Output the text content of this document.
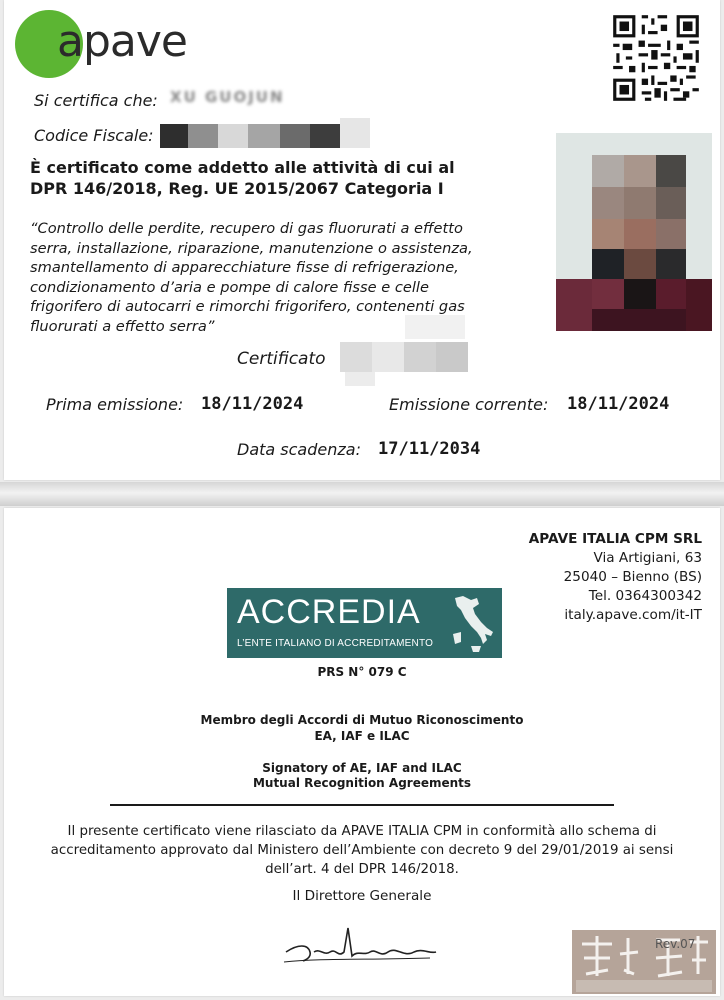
apave
Si certifica che: XU GUOJUN
Codice Fiscale:
È certificato come addetto alle attività di cui al
DPR 146/2018, Reg. UE 2015/2067 Categoria I
“Controllo delle perdite, recupero di gas fluorurati a effetto
serra, installazione, riparazione, manutenzione o assistenza,
smantellamento di apparecchiature fisse di refrigerazione,
condizionamento d’aria e pompe di calore fisse e celle
frigorifero di autocarri e rimorchi frigorifero, contenenti gas
fluorurati a effetto serra”
Certificato
Prima emissione: 18/11/2024	Emissione corrente: 18/11/2024
Data scadenza: 17/11/2034
APAVE ITALIA CPM SRL
Via Artigiani, 63
25040 – Bienno (BS)
Tel. 0364300342
italy.apave.com/it-IT
ACCREDIA
L’ENTE ITALIANO DI ACCREDITAMENTO
PRS N° 079 C
Membro degli Accordi di Mutuo Riconoscimento
EA, IAF e ILAC
Signatory of AE, IAF and ILAC
Mutual Recognition Agreements
Il presente certificato viene rilasciato da APAVE ITALIA CPM in conformità allo schema di
accreditamento approvato dal Ministero dell’Ambiente con decreto 9 del 29/01/2019 ai sensi
dell’art. 4 del DPR 146/2018.
Il Direttore Generale
Rev.07
